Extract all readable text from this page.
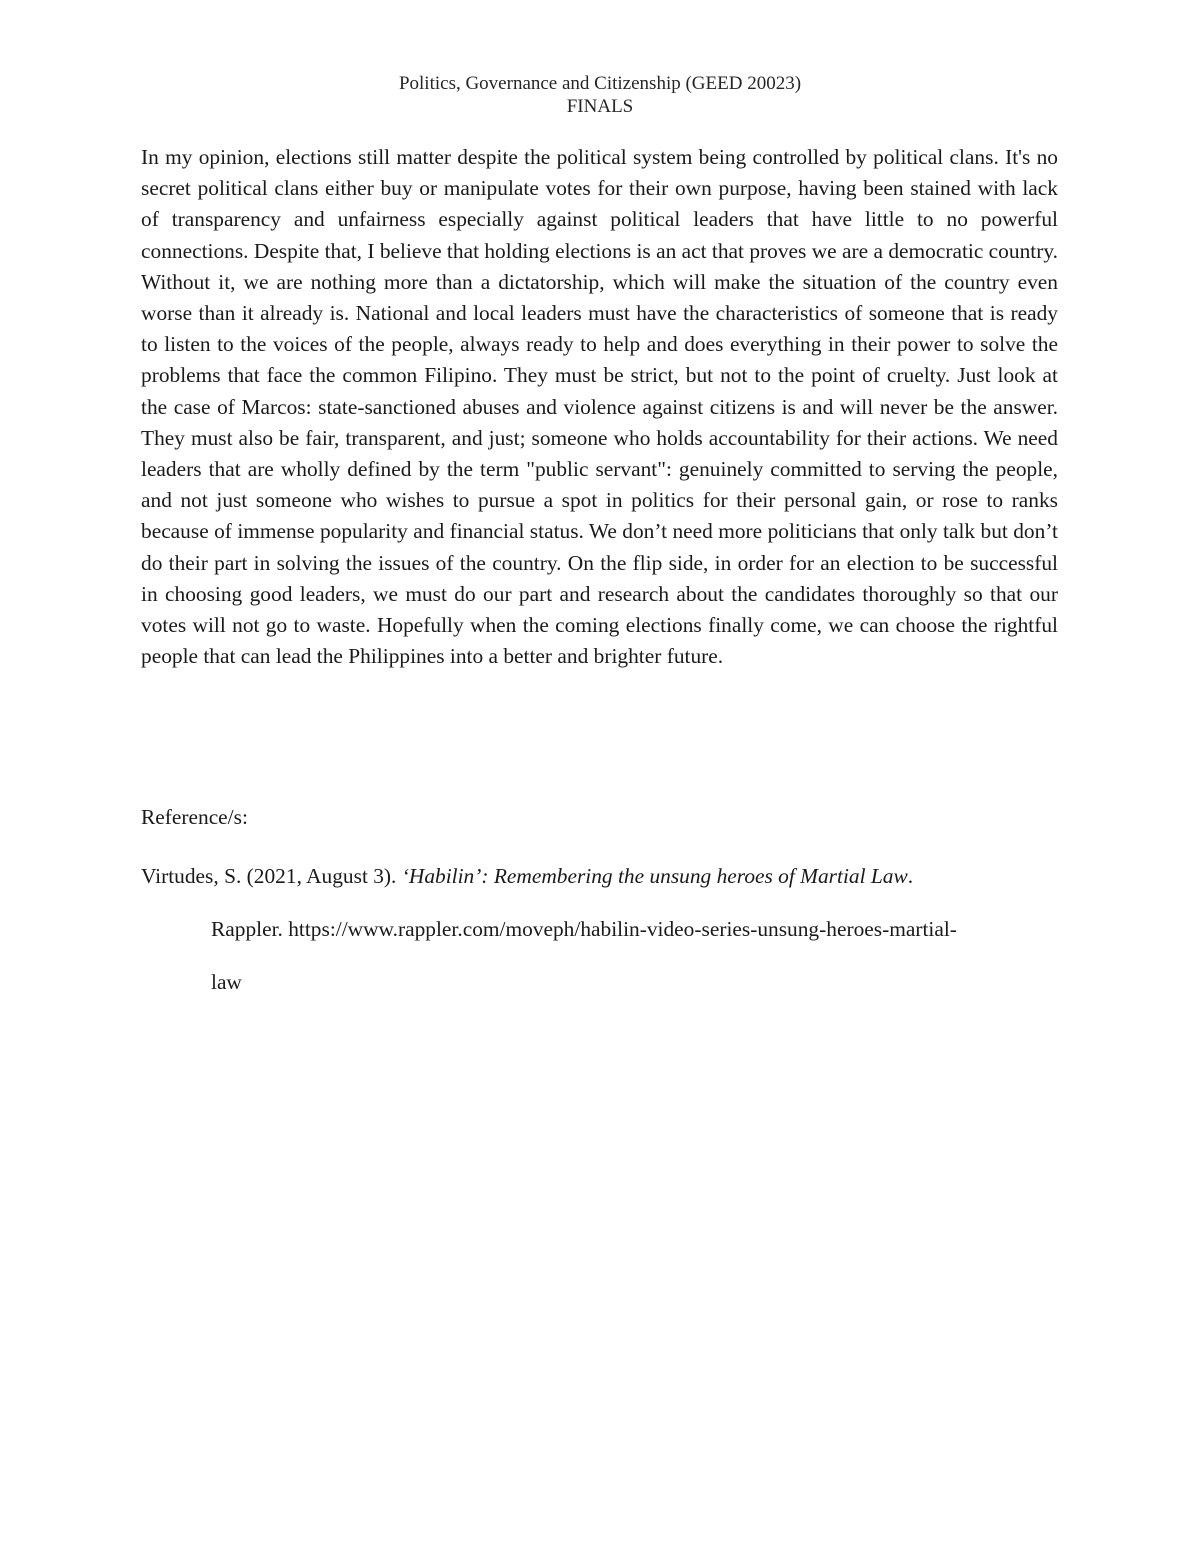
Politics, Governance and Citizenship (GEED 20023)
FINALS

In my opinion, elections still matter despite the political system being controlled by political clans. It's no secret political clans either buy or manipulate votes for their own purpose, having been stained with lack of transparency and unfairness especially against political leaders that have little to no powerful connections. Despite that, I believe that holding elections is an act that proves we are a democratic country. Without it, we are nothing more than a dictatorship, which will make the situation of the country even worse than it already is. National and local leaders must have the characteristics of someone that is ready to listen to the voices of the people, always ready to help and does everything in their power to solve the problems that face the common Filipino. They must be strict, but not to the point of cruelty. Just look at the case of Marcos: state-sanctioned abuses and violence against citizens is and will never be the answer. They must also be fair, transparent, and just; someone who holds accountability for their actions. We need leaders that are wholly defined by the term "public servant": genuinely committed to serving the people, and not just someone who wishes to pursue a spot in politics for their personal gain, or rose to ranks because of immense popularity and financial status. We don’t need more politicians that only talk but don’t do their part in solving the issues of the country. On the flip side, in order for an election to be successful in choosing good leaders, we must do our part and research about the candidates thoroughly so that our votes will not go to waste. Hopefully when the coming elections finally come, we can choose the rightful people that can lead the Philippines into a better and brighter future.

Reference/s:

Virtudes, S. (2021, August 3). ‘Habilin’: Remembering the unsung heroes of Martial Law.
Rappler. https://www.rappler.com/moveph/habilin-video-series-unsung-heroes-martial-
law
